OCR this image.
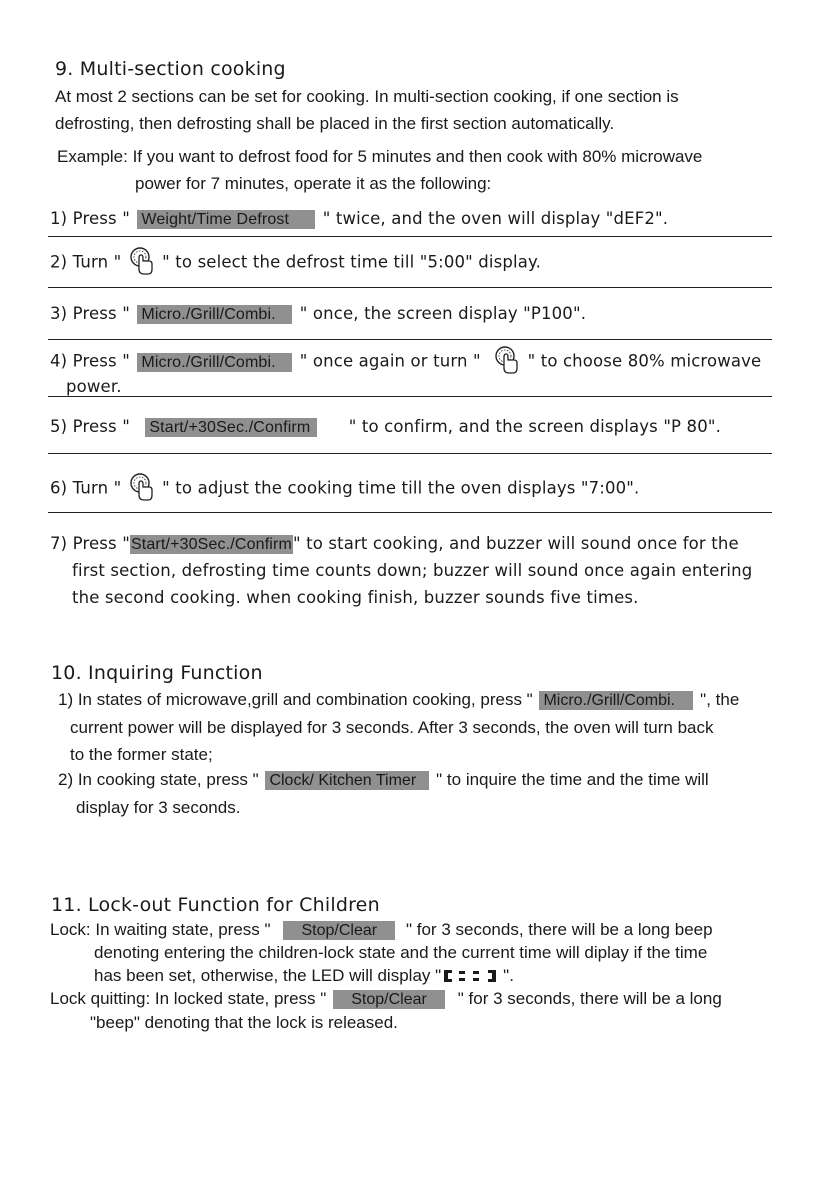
9. Multi-section cooking
At most 2 sections can be set for cooking. In multi-section cooking, if one section is
defrosting, then defrosting shall be placed in the first section automatically.
Example: If you want to defrost food for 5 minutes and then cook with 80% microwave
power for 7 minutes, operate it as the following:
1) Press " Weight/Time Defrost " twice, and the oven will display "dEF2".
2) Turn " " to select the defrost time till "5:00" display.
3) Press " Micro./Grill/Combi. " once, the screen display "P100".
4) Press " Micro./Grill/Combi. " once again or turn "	" to choose 80% microwave
power.
5) Press " Start/+30Sec./Confirm " to confirm, and the screen displays "P 80".
6) Turn " " to adjust the cooking time till the oven displays "7:00".
7) Press "Start/+30Sec./Confirm" to start cooking, and buzzer will sound once for the
first section, defrosting time counts down; buzzer will sound once again entering
the second cooking. when cooking finish, buzzer sounds five times.
10. Inquiring Function
1) In states of microwave,grill and combination cooking, press " Micro./Grill/Combi. ", the
current power will be displayed for 3 seconds. After 3 seconds, the oven will turn back
to the former state;
2) In cooking state, press " Clock/ Kitchen Timer " to inquire the time and the time will
display for 3 seconds.
11. Lock-out Function for Children
Lock: In waiting state, press " Stop/Clear " for 3 seconds, there will be a long beep
denoting entering the children-lock state and the current time will diplay if the time
has been set, otherwise, the LED will display "	".
Lock quitting: In locked state, press " Stop/Clear " for 3 seconds, there will be a long
"beep" denoting that the lock is released.
